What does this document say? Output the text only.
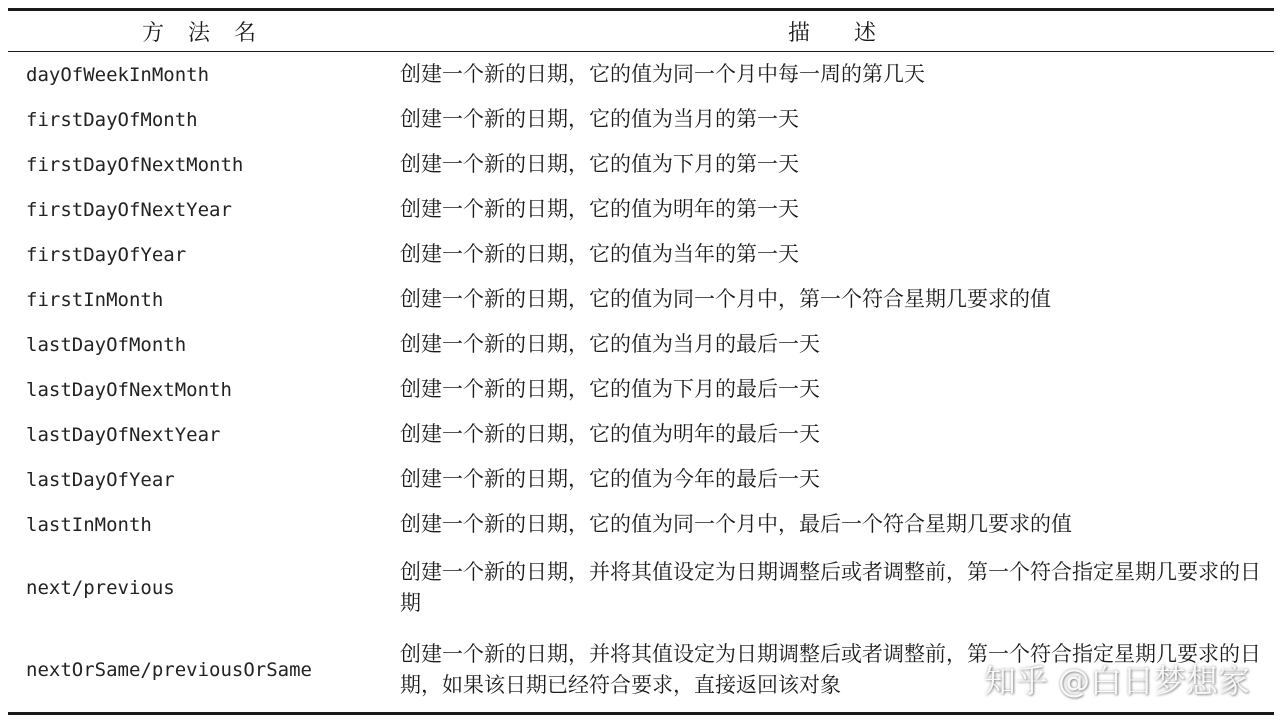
方法名	描述
dayOfWeekInMonth	创建一个新的日期，它的值为同一个月中每一周的第几天
firstDayOfMonth	创建一个新的日期，它的值为当月的第一天
firstDayOfNextMonth	创建一个新的日期，它的值为下月的第一天
firstDayOfNextYear	创建一个新的日期，它的值为明年的第一天
firstDayOfYear	创建一个新的日期，它的值为当年的第一天
firstInMonth	创建一个新的日期，它的值为同一个月中，第一个符合星期几要求的值
lastDayOfMonth	创建一个新的日期，它的值为当月的最后一天
lastDayOfNextMonth	创建一个新的日期，它的值为下月的最后一天
lastDayOfNextYear	创建一个新的日期，它的值为明年的最后一天
lastDayOfYear	创建一个新的日期，它的值为今年的最后一天
lastInMonth	创建一个新的日期，它的值为同一个月中，最后一个符合星期几要求的值
next/previous	创建一个新的日期，并将其值设定为日期调整后或者调整前，第一个符合指定星期几要求的日期
nextOrSame/previousOrSame	创建一个新的日期，并将其值设定为日期调整后或者调整前，第一个符合指定星期几要求的日期，如果该日期已经符合要求，直接返回该对象	知乎 @白日梦想家
